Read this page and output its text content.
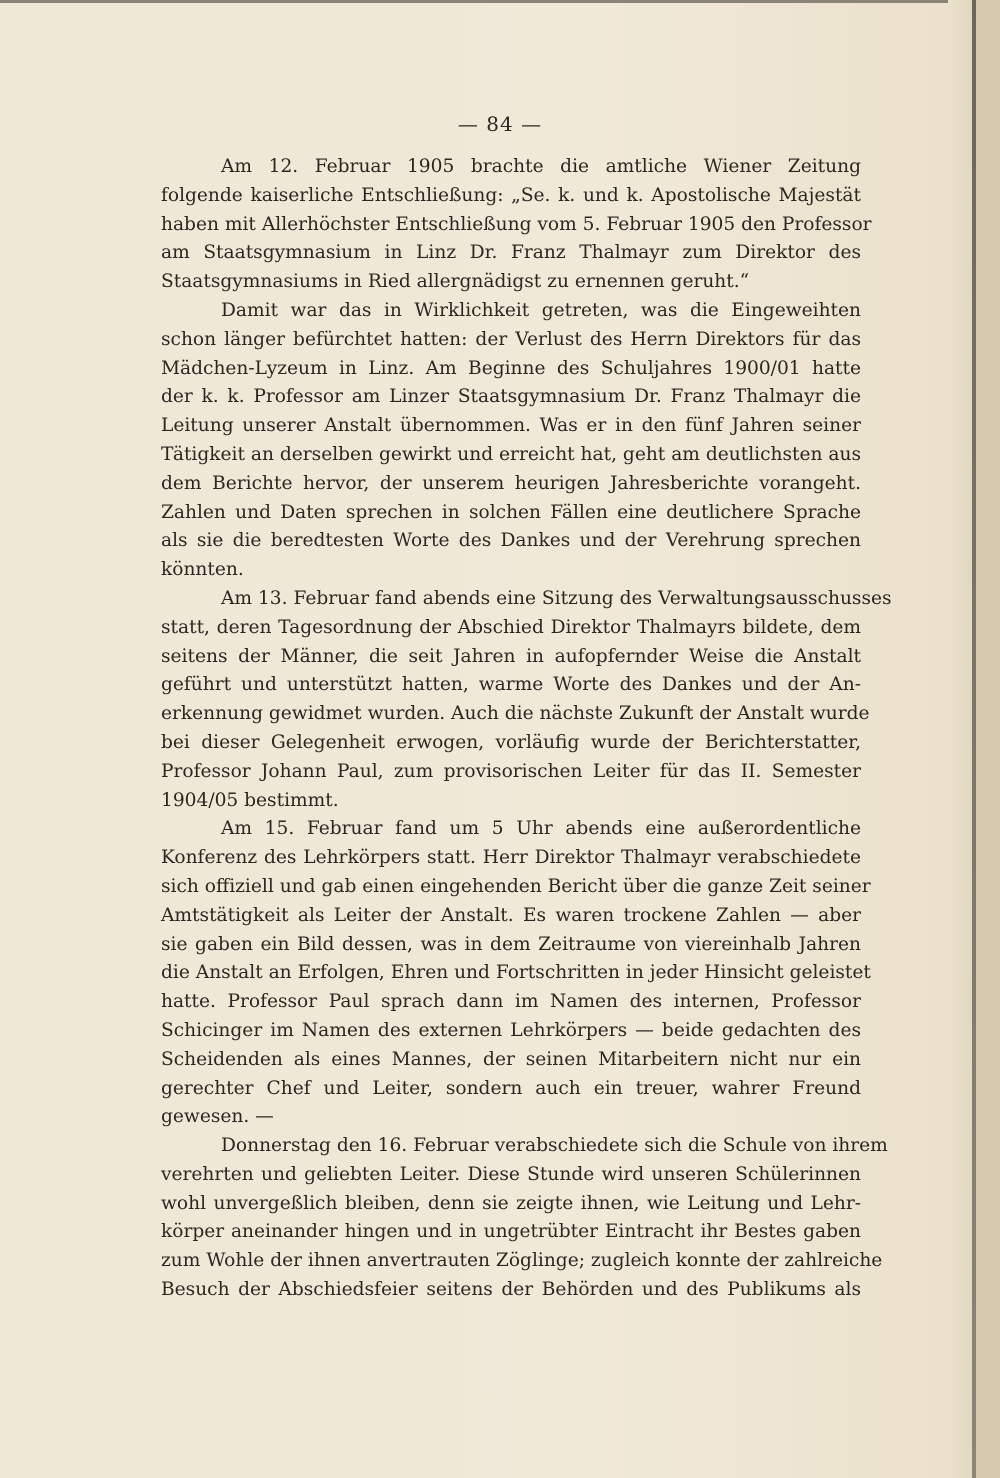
— 84 —
Am 12. Februar 1905 brachte die amtliche Wiener Zeitung
folgende kaiserliche Entschließung: „Se. k. und k. Apostolische Majestät
haben mit Allerhöchster Entschließung vom 5. Februar 1905 den Professor
am Staatsgymnasium in Linz Dr. Franz Thalmayr zum Direktor des
Staatsgymnasiums in Ried allergnädigst zu ernennen geruht.“
Damit war das in Wirklichkeit getreten, was die Eingeweihten
schon länger befürchtet hatten: der Verlust des Herrn Direktors für das
Mädchen-Lyzeum in Linz. Am Beginne des Schuljahres 1900/01 hatte
der k. k. Professor am Linzer Staatsgymnasium Dr. Franz Thalmayr die
Leitung unserer Anstalt übernommen. Was er in den fünf Jahren seiner
Tätigkeit an derselben gewirkt und erreicht hat, geht am deutlichsten aus
dem Berichte hervor, der unserem heurigen Jahresberichte vorangeht.
Zahlen und Daten sprechen in solchen Fällen eine deutlichere Sprache
als sie die beredtesten Worte des Dankes und der Verehrung sprechen
könnten.
Am 13. Februar fand abends eine Sitzung des Verwaltungsausschusses
statt, deren Tagesordnung der Abschied Direktor Thalmayrs bildete, dem
seitens der Männer, die seit Jahren in aufopfernder Weise die Anstalt
geführt und unterstützt hatten, warme Worte des Dankes und der An-
erkennung gewidmet wurden. Auch die nächste Zukunft der Anstalt wurde
bei dieser Gelegenheit erwogen, vorläufig wurde der Berichterstatter,
Professor Johann Paul, zum provisorischen Leiter für das II. Semester
1904/05 bestimmt.
Am 15. Februar fand um 5 Uhr abends eine außerordentliche
Konferenz des Lehrkörpers statt. Herr Direktor Thalmayr verabschiedete
sich offiziell und gab einen eingehenden Bericht über die ganze Zeit seiner
Amtstätigkeit als Leiter der Anstalt. Es waren trockene Zahlen — aber
sie gaben ein Bild dessen, was in dem Zeitraume von viereinhalb Jahren
die Anstalt an Erfolgen, Ehren und Fortschritten in jeder Hinsicht geleistet
hatte. Professor Paul sprach dann im Namen des internen, Professor
Schicinger im Namen des externen Lehrkörpers — beide gedachten des
Scheidenden als eines Mannes, der seinen Mitarbeitern nicht nur ein
gerechter Chef und Leiter, sondern auch ein treuer, wahrer Freund
gewesen. —
Donnerstag den 16. Februar verabschiedete sich die Schule von ihrem
verehrten und geliebten Leiter. Diese Stunde wird unseren Schülerinnen
wohl unvergeßlich bleiben, denn sie zeigte ihnen, wie Leitung und Lehr-
körper aneinander hingen und in ungetrübter Eintracht ihr Bestes gaben
zum Wohle der ihnen anvertrauten Zöglinge; zugleich konnte der zahlreiche
Besuch der Abschiedsfeier seitens der Behörden und des Publikums als
